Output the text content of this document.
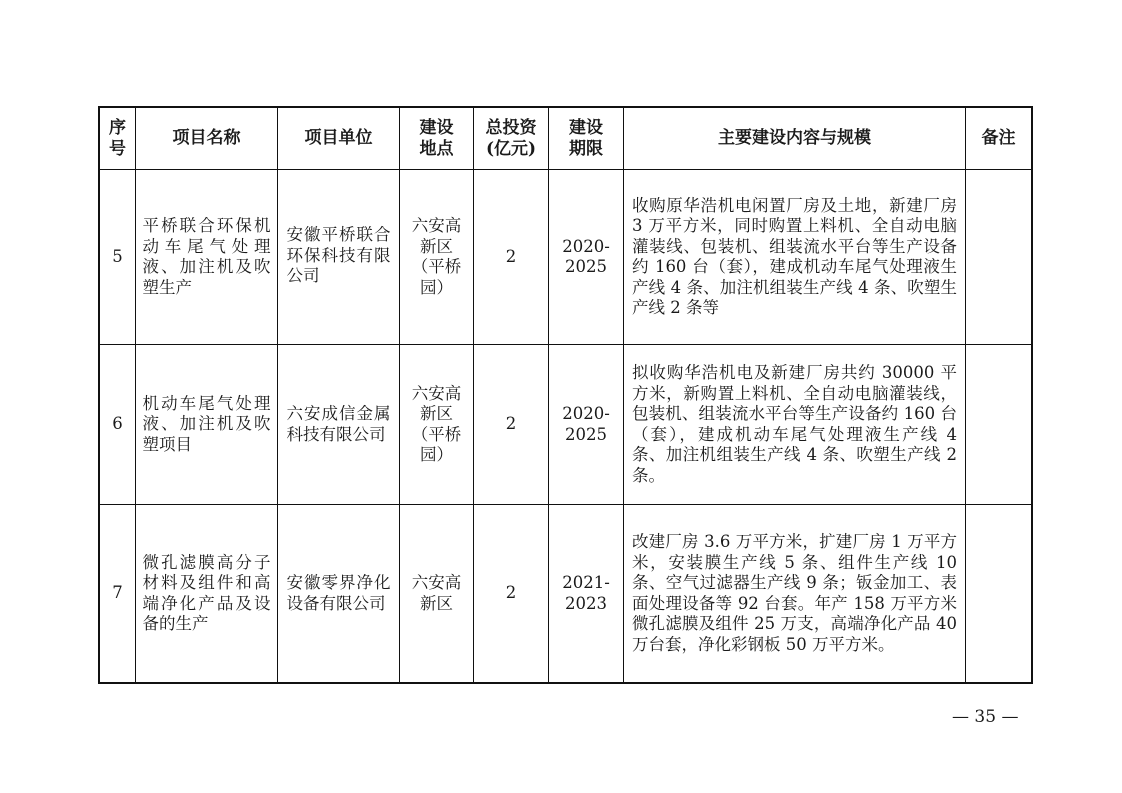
序号
项目名称	项目单位
建设地点
总投资(亿元)
建设期限
主要建设内容与规模	备注
5
平桥联合环保机动车尾气处理液、加注机及吹塑生产
安徽平桥联合环保科技有限公司
六安高新区（平桥园）
2
2020-2025
收购原华浩机电闲置厂房及土地，新建厂房 3 万平方米，同时购置上料机、全自动电脑灌装线、包装机、组装流水平台等生产设备约 160 台（套），建成机动车尾气处理液生产线 4 条、加注机组装生产线 4 条、吹塑生产线 2 条等
6
机动车尾气处理液、加注机及吹塑项目
六安成信金属科技有限公司
六安高新区（平桥园）
2
2020-2025
拟收购华浩机电及新建厂房共约 30000 平方米，新购置上料机、全自动电脑灌装线，包装机、组装流水平台等生产设备约 160 台（套），建成机动车尾气处理液生产线 4 条、加注机组装生产线 4 条、吹塑生产线 2 条。
7
微孔滤膜高分子材料及组件和高端净化产品及设备的生产
安徽零界净化设备有限公司
六安高新区
2
2021-2023
改建厂房 3.6 万平方米，扩建厂房 1 万平方米，安装膜生产线 5 条、组件生产线 10 条、空气过滤器生产线 9 条；钣金加工、表面处理设备等 92 台套。年产 158 万平方米微孔滤膜及组件 25 万支，高端净化产品 40 万台套，净化彩钢板 50 万平方米。
— 35 —
